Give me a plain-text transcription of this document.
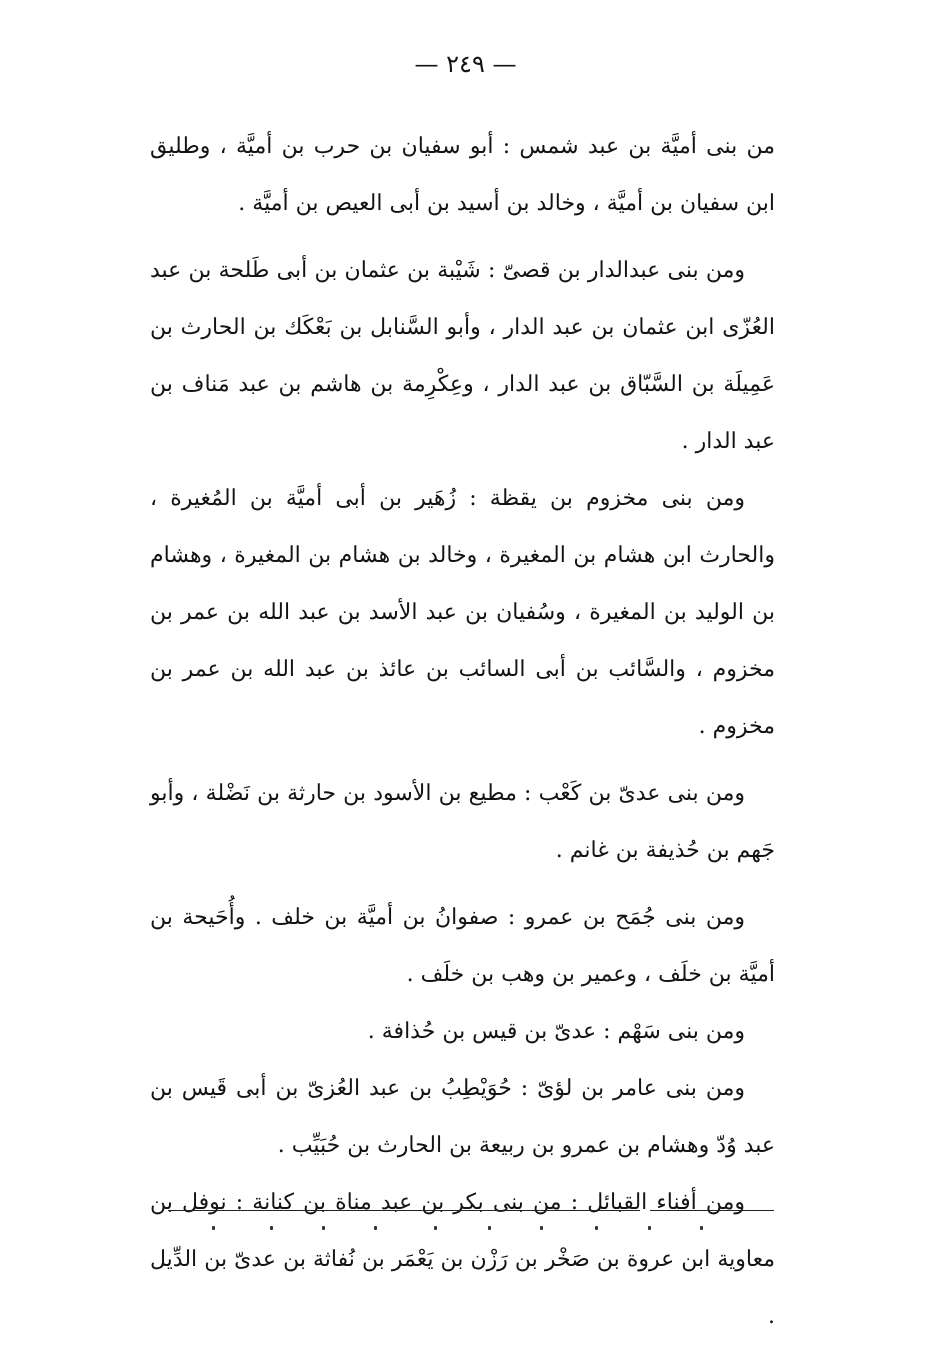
— ٢٤٩ —

من بنى أميَّة بن عبد شمس : أبو سفيان بن حرب بن أميَّة ، وطليق ابن سفيان بن أميَّة ، وخالد بن أسيد بن أبى العيص بن أميَّة .

ومن بنى عبدالدار بن قصىّ : شَيْبة بن عثمان بن أبى طَلحة بن عبد العُزّى ابن عثمان بن عبد الدار ، وأبو السَّنابل بن بَعْكَك بن الحارث بن عَمِيلَة بن السَّبّاق بن عبد الدار ، وعِكْرِمة بن هاشم بن عبد مَناف بن عبد الدار .

ومن بنى مخزوم بن يقظة : زُهَير بن أبى أميَّة بن المُغيرة ، والحارث ابن هشام بن المغيرة ، وخالد بن هشام بن المغيرة ، وهشام بن الوليد بن المغيرة ، وسُفيان بن عبد الأسد بن عبد الله بن عمر بن مخزوم ، والسَّائب بن أبى السائب بن عائذ بن عبد الله بن عمر بن مخزوم .

ومن بنى عدىّ بن كَعْب : مطيع بن الأسود بن حارثة بن نَضْلة ، وأبو جَهم بن حُذيفة بن غانم .

ومن بنى جُمَح بن عمرو : صفوانُ بن أميَّة بن خلف . وأُحَيحة بن أميَّة بن خلَف ، وعمير بن وهب بن خلَف .

ومن بنى سَهْم : عدىّ بن قيس بن حُذافة .

ومن بنى عامر بن لؤىّ : حُوَيْطِبُ بن عبد العُزىّ بن أبى قَيس بن عبد وُدّ وهشام بن عمرو بن ربيعة بن الحارث بن حُبَيِّب .

ومن أفناء القبائل : من بنى بكر بن عبد مناة بن كنانة : نوفل بن معاوية ابن عروة بن صَخْر بن رَزْن بن يَعْمَر بن نُفاثة بن عدىّ بن الدِّيل .
